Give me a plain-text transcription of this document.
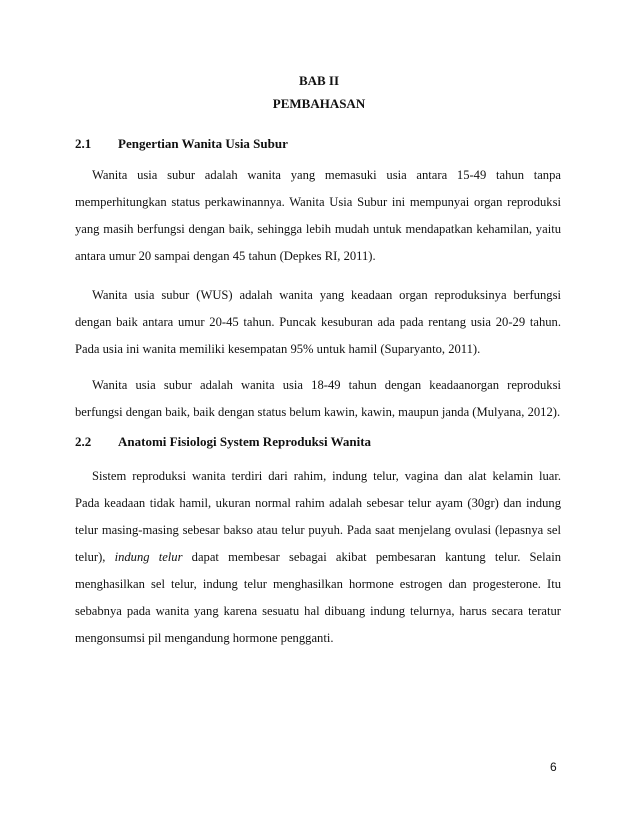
BAB II
PEMBAHASAN
2.1 Pengertian Wanita Usia Subur
Wanita usia subur adalah wanita yang memasuki usia antara 15-49 tahun tanpa
memperhitungkan status perkawinannya. Wanita Usia Subur ini mempunyai organ reproduksi
yang masih berfungsi dengan baik, sehingga lebih mudah untuk mendapatkan kehamilan, yaitu
antara umur 20 sampai dengan 45 tahun (Depkes RI, 2011).
Wanita usia subur (WUS) adalah wanita yang keadaan organ reproduksinya berfungsi
dengan baik antara umur 20-45 tahun. Puncak kesuburan ada pada rentang usia 20-29 tahun.
Pada usia ini wanita memiliki kesempatan 95% untuk hamil (Suparyanto, 2011).
Wanita usia subur adalah wanita usia 18-49 tahun dengan keadaanorgan reproduksi
berfungsi dengan baik, baik dengan status belum kawin, kawin, maupun janda (Mulyana, 2012).
2.2 Anatomi Fisiologi System Reproduksi Wanita
Sistem reproduksi wanita terdiri dari rahim, indung telur, vagina dan alat kelamin luar.
Pada keadaan tidak hamil, ukuran normal rahim adalah sebesar telur ayam (30gr) dan indung
telur masing-masing sebesar bakso atau telur puyuh. Pada saat menjelang ovulasi (lepasnya sel
telur), indung telur dapat membesar sebagai akibat pembesaran kantung telur. Selain
menghasilkan sel telur, indung telur menghasilkan hormone estrogen dan progesterone. Itu
sebabnya pada wanita yang karena sesuatu hal dibuang indung telurnya, harus secara teratur
mengonsumsi pil mengandung hormone pengganti.
6
